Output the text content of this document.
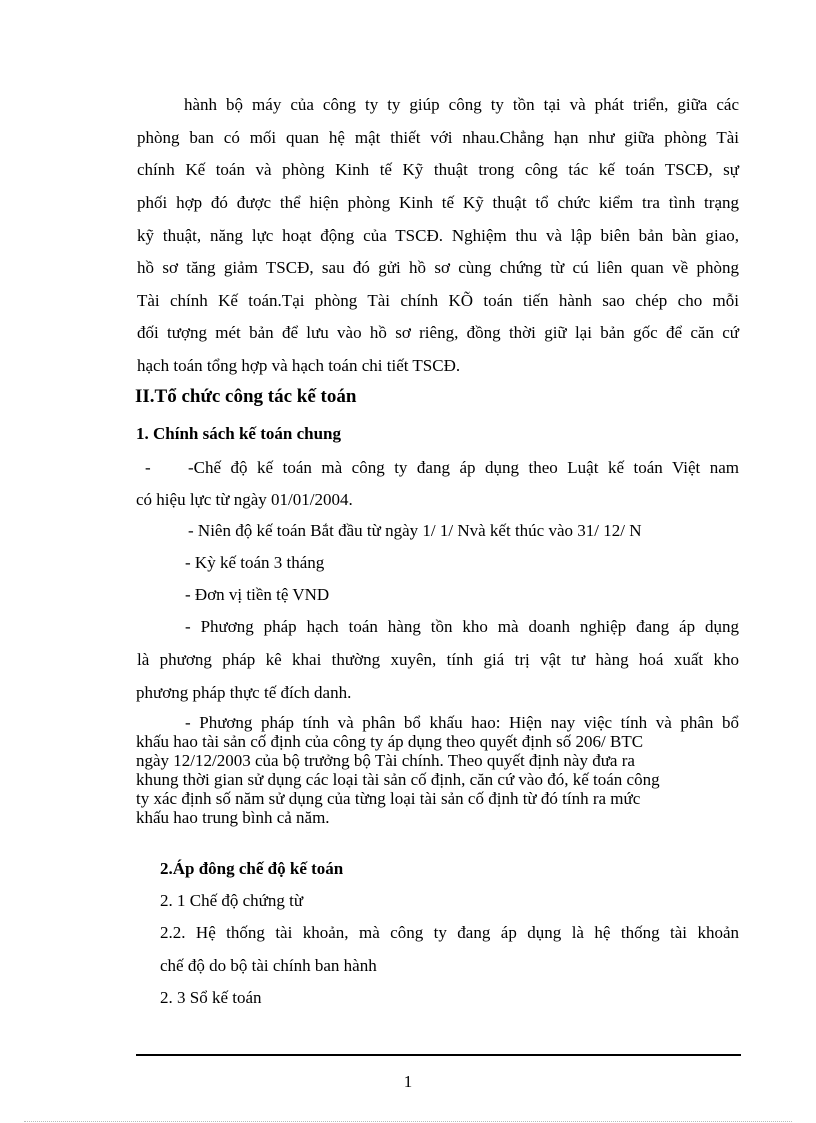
hành bộ máy của công ty ty giúp công ty tồn tại và phát triển, giữa các
phòng ban có mối quan hệ mật thiết với nhau.Chẳng hạn như giữa phòng Tài
chính Kế toán và phòng Kinh tế Kỹ thuật trong công tác kế toán TSCĐ, sự
phối hợp đó được thể hiện phòng Kinh tế Kỹ thuật tổ chức kiểm tra tình trạng
kỹ thuật, năng lực hoạt động của TSCĐ. Nghiệm thu và lập biên bản bàn giao,
hồ sơ tăng giảm TSCĐ, sau đó gửi hồ sơ cùng chứng từ cú liên quan về phòng
Tài chính Kế toán.Tại phòng Tài chính KÕ toán tiến hành sao chép cho mỗi
đối tượng mét bản để lưu vào hồ sơ riêng, đồng thời giữ lại bản gốc để căn cứ
hạch toán tổng hợp và hạch toán chi tiết TSCĐ.
II.Tổ chức công tác kế toán
1. Chính sách kế toán chung
- -Chế độ kế toán mà công ty đang áp dụng theo Luật kế toán Việt nam
có hiệu lực từ ngày 01/01/2004.
- Niên độ kế toán Bắt đầu từ ngày 1/ 1/ Nvà kết thúc vào 31/ 12/ N
- Kỳ kế toán 3 tháng
- Đơn vị tiền tệ VND
- Phương pháp hạch toán hàng tồn kho mà doanh nghiệp đang áp dụng
là phương pháp kê khai thường xuyên, tính giá trị vật tư hàng hoá xuất kho
phương pháp thực tế đích danh.
- Phương pháp tính và phân bổ khấu hao: Hiện nay việc tính và phân bổ
khấu hao tài sản cố định của công ty áp dụng theo quyết định số 206/ BTC
ngày 12/12/2003 của bộ trưởng bộ Tài chính. Theo quyết định này đưa ra
khung thời gian sử dụng các loại tài sản cố định, căn cứ vào đó, kế toán công
ty xác định số năm sử dụng của từng loại tài sản cố định từ đó tính ra mức
khấu hao trung bình cả năm.
2.Áp đông chế độ kế toán
2. 1 Chế độ chứng từ
2.2. Hệ thống tài khoản, mà công ty đang áp dụng là hệ thống tài khoản
chế độ do bộ tài chính ban hành
2. 3 Sổ kế toán
1
